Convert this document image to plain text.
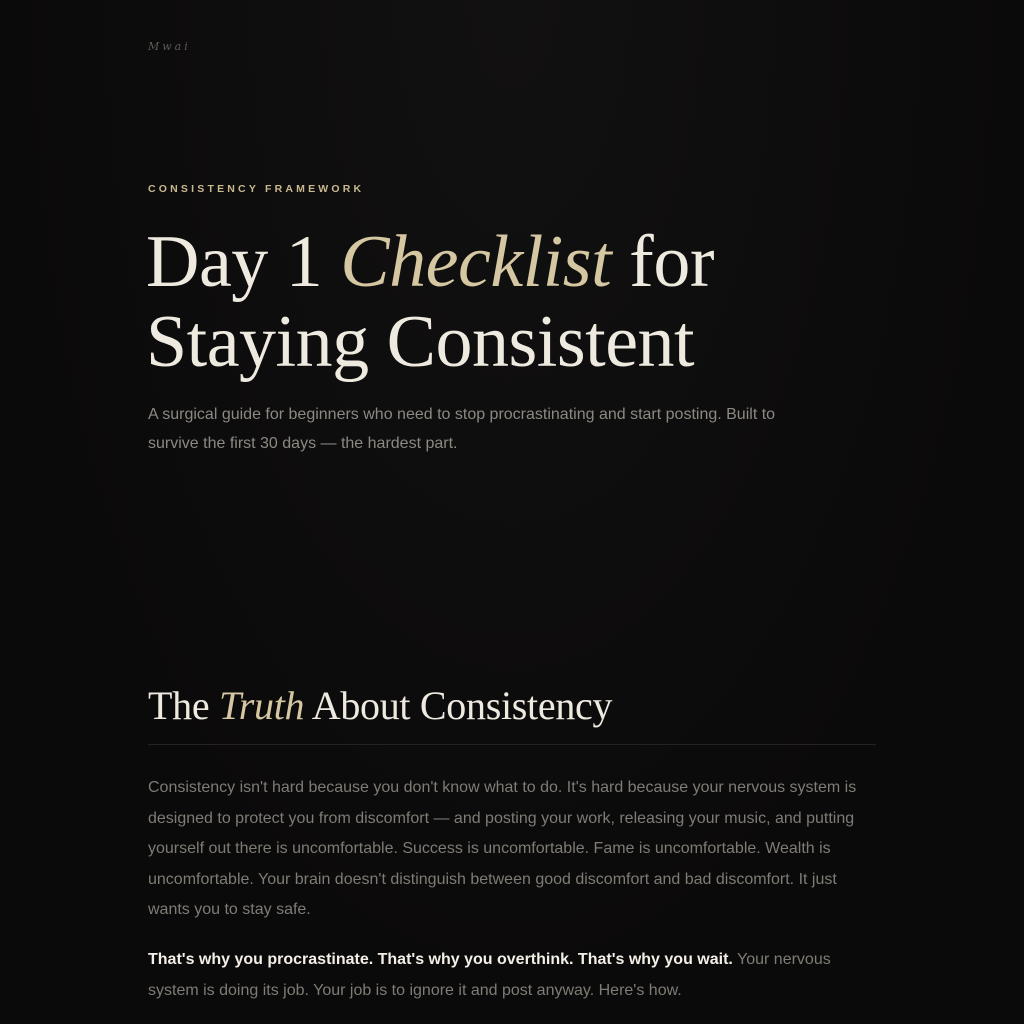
Mwai
CONSISTENCY FRAMEWORK
Day 1 Checklist for Staying Consistent

A surgical guide for beginners who need to stop procrastinating and start posting. Built to survive the first 30 days — the hardest part.

The Truth About Consistency

Consistency isn't hard because you don't know what to do. It's hard because your nervous system is designed to protect you from discomfort — and posting your work, releasing your music, and putting yourself out there is uncomfortable. Success is uncomfortable. Fame is uncomfortable. Wealth is uncomfortable. Your brain doesn't distinguish between good discomfort and bad discomfort. It just wants you to stay safe.

That's why you procrastinate. That's why you overthink. That's why you wait. Your nervous system is doing its job. Your job is to ignore it and post anyway. Here's how.
